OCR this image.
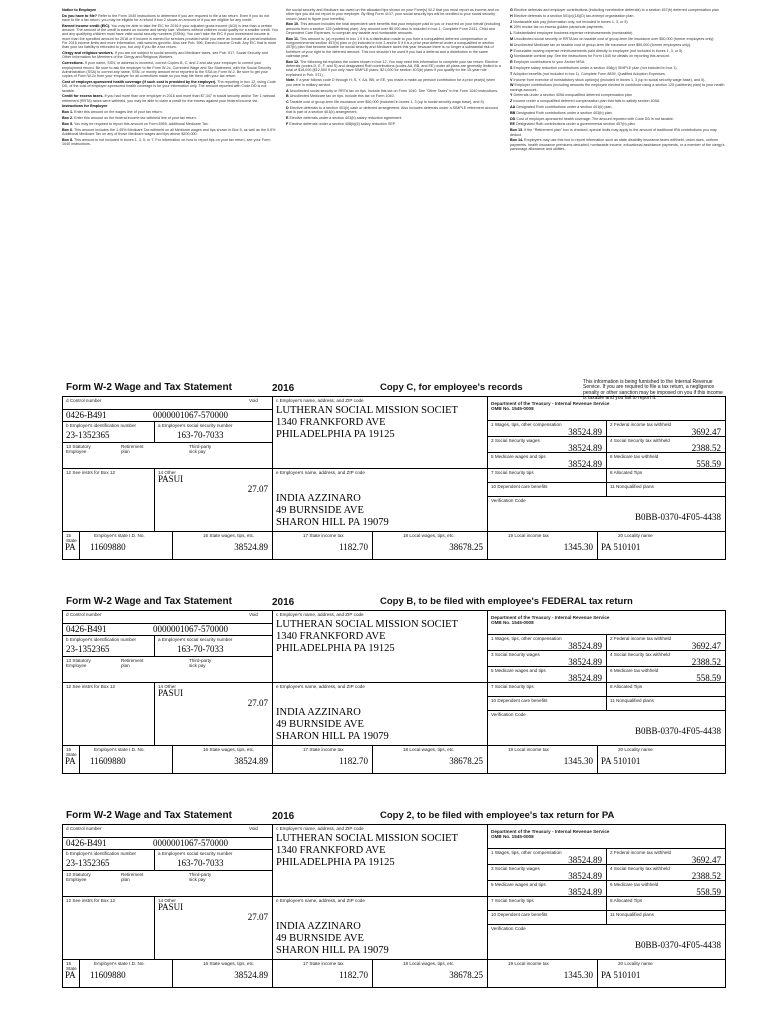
Notice to Employee

Do you have to file? Refer to the Form 1040 instructions to determine if you are required to file a tax return. Even if you do not have to file a tax return, you may be eligible for a refund if box 2 shows an amount or if you are eligible for any credit.

Earned income credit (EIC). You may be able to take the EIC for 2016 if your adjusted gross income (AGI) is less than a certain amount. The amount of the credit is based on income and family size. Workers without children could qualify for a smaller credit. You and any qualifying children must have valid social security numbers (SSNs). You can't take the EIC if your investment income is more than the specified amount for 2016 or if income is earned for services provided while you were an inmate at a penal institution. For 2016 income limits and more information, visit www.irs.gov/eitc. Also see Pub. 596, Earned Income Credit. Any EIC that is more than your tax liability is refunded to you, but only if you file a tax return.

Clergy and religious workers. If you are not subject to social security and Medicare taxes, see Pub. 517, Social Security and Other Information for Members of the Clergy and Religious Workers.

Corrections. If your name, SSN, or address is incorrect, correct Copies B, C, and 2 and ask your employer to correct your employment record. Be sure to ask the employer to file Form W-2c, Corrected Wage and Tax Statement, with the Social Security Administration (SSA) to correct any name, SSN, or money amount error reported to the SSA on Form W-2. Be sure to get your copies of Form W-2c from your employer for all corrections made so you may file them with your tax return.

Cost of employer-sponsored health coverage (if such cost is provided by the employer). The reporting in box 12, using Code DD, of the cost of employer-sponsored health coverage is for your information only. The amount reported with Code DD is not taxable.

Credit for excess taxes. If you had more than one employer in 2016 and more than $7,347 in social security and/or Tier 1 railroad retirement (RRTA) taxes were withheld, you may be able to claim a credit for the excess against your federal income tax.

Instructions for Employee

Box 1. Enter this amount on the wages line of your tax return.

Box 2. Enter this amount on the federal income tax withheld line of your tax return.

Box 5. You may be required to report this amount on Form 8959, Additional Medicare Tax.

Box 6. This amount includes the 1.45% Medicare Tax withheld on all Medicare wages and tips shown in Box 5, as well as the 0.9% Additional Medicare Tax on any of those Medicare wages and tips above $200,000.

Box 8. This amount is not included in boxes 1, 3, 5, or 7. For information on how to report tips on your tax return, see your Form 1040 instructions.

the social security and Medicare tax owed on the allocated tips shown on your Form(s) W-2 that you must report as income and on other tips you did not report to your employer. By filing Form 4137, your social security tips will be credited to your social security record (used to figure your benefits).

Box 10. This amount includes the total dependent care benefits that your employer paid to you or incurred on your behalf (including amounts from a section 125 (cafeteria) plan). Any amount over $5,000 also is included in box 1. Complete Form 2441, Child and Dependent Care Expenses, to compute any taxable and nontaxable amounts.

Box 11. This amount is: (a) reported in box 1 if it is a distribution made to you from a nonqualified deferred compensation or nongovernmental section 457(b) plan or (b) included in box 3 and/or 5 if it is a prior year deferral under a nonqualified or section 457(b) plan that became taxable for social security and Medicare taxes this year because there is no longer a substantial risk of forfeiture of your right to the deferred amount. This box shouldn't be used if you had a deferral and a distribution in the same calendar year.

Box 12. The following list explains the codes shown in box 12. You may need this information to complete your tax return. Elective deferrals (codes D, E, F, and S) and designated Roth contributions (codes AA, BB, and EE) under all plans are generally limited to a total of $18,000 ($12,500 if you only have SIMPLE plans; $21,000 for section 403(b) plans if you qualify for the 15-year rule explained in Pub. 571).

Note. If a year follows code D through H, S, Y, AA, BB, or EE, you made a make-up pension contribution for a prior year(s) when you were in military service.

A Uncollected social security or RRTA tax on tips. Include this tax on Form 1040. See "Other Taxes" in the Form 1040 instructions.

B Uncollected Medicare tax on tips. Include this tax on Form 1040.

C Taxable cost of group-term life insurance over $50,000 (included in boxes 1, 3 (up to social security wage base), and 5)

D Elective deferrals to a section 401(k) cash or deferred arrangement. Also includes deferrals under a SIMPLE retirement account that is part of a section 401(k) arrangement.

E Elective deferrals under a section 403(b) salary reduction agreement

F Elective deferrals under a section 408(k)(6) salary reduction SEP

G Elective deferrals and employer contributions (including nonelective deferrals) to a section 457(b) deferred compensation plan

H Elective deferrals to a section 501(c)(18)(D) tax-exempt organization plan.

J Nontaxable sick pay (information only, not included in boxes 1, 3, or 5)

K 20% excise tax on excess golden parachute payments.

L Substantiated employee business expense reimbursements (nontaxable)

M Uncollected social security or RRTA tax on taxable cost of group-term life insurance over $50,000 (former employees only).

N Uncollected Medicare tax on taxable cost of group-term life insurance over $50,000 (former employees only).

P Excludable moving expense reimbursements paid directly to employee (not included in boxes 1, 3, or 5)

Q Nontaxable combat pay. See the instructions for Form 1040 for details on reporting this amount.

R Employer contributions to your Archer MSA.

S Employee salary reduction contributions under a section 408(p) SIMPLE plan (not included in box 1)

T Adoption benefits (not included in box 1). Complete Form 8839, Qualified Adoption Expenses.

V Income from exercise of nonstatutory stock option(s) (included in boxes 1, 3 (up to social security wage base), and 5).

W Employer contributions (including amounts the employee elected to contribute using a section 125 (cafeteria) plan) to your health savings account.

Y Deferrals under a section 409A nonqualified deferred compensation plan

Z Income under a nonqualified deferred compensation plan that fails to satisfy section 409A.

AA Designated Roth contributions under a section 401(k) plan.

BB Designated Roth contributions under a section 403(b) plan.

DD Cost of employer-sponsored health coverage. The amount reported with Code DD is not taxable.

EE Designated Roth contributions under a governmental section 457(b) plan.

Box 13. If the "Retirement plan" box is checked, special limits may apply to the amount of traditional IRA contributions you may deduct.

Box 14. Employers may use this box to report information such as state disability insurance taxes withheld, union dues, uniform payments, health insurance premiums deducted, nontaxable income, educational assistance payments, or a member of the clergy's parsonage allowance and utilities.

Form W-2 Wage and Tax Statement	2016	Copy C, for employee's records	This information is being furnished to the Internal Revenue Service. If you are required to file a tax return, a negligence penalty or other sanction may be imposed on you if this income is taxable and you fail to report it.
d Control number	Void
0426-B491	0000001067-570000
b Employer's identification number
23-1352365
a Employee's social security number
163-70-7033
13 Statutory Employee
Retirement plan
Third-party sick pay
12 See instrs for Box 12	14 Other
PASUI
27.07
c Employer's name, address, and ZIP code
LUTHERAN SOCIAL MISSION SOCIET
1340 FRANKFORD AVE
PHILADELPHIA PA 19125
e Employee's name, address, and ZIP code
INDIA AZZINARO
49 BURNSIDE AVE
SHARON HILL PA 19079
Department of the Treasury - Internal Revenue Service
OMB No. 1545-0008
1 Wages, tips, other compensation
38524.89
2 Federal income tax withheld
3692.47
3 Social Security wages
38524.89
4 Social Security tax withheld
2388.52
5 Medicare wages and tips
38524.89
6 Medicare tax withheld
558.59
7 Social Security tips	8 Allocated Tips
10 Dependent care benefits	11 Nonqualified plans
Verification Code
B0BB-0370-4F05-4438
15 State
PA
Employer's state I.D. No.
11609880
16 State wages, tips, etc.
38524.89
17 State income tax
1182.70
18 Local wages, tips, etc.
38678.25
19 Local income tax
1345.30
20 Locality name
PA 510101
Form W-2 Wage and Tax Statement	2016	Copy B, to be filed with employee's FEDERAL tax return
d Control number	Void
0426-B491	0000001067-570000
b Employer's identification number
23-1352365
a Employee's social security number
163-70-7033
13 Statutory Employee
Retirement plan
Third-party sick pay
12 See instrs for Box 12	14 Other
PASUI
27.07
c Employer's name, address, and ZIP code
LUTHERAN SOCIAL MISSION SOCIET
1340 FRANKFORD AVE
PHILADELPHIA PA 19125
e Employee's name, address, and ZIP code
INDIA AZZINARO
49 BURNSIDE AVE
SHARON HILL PA 19079
Department of the Treasury - Internal Revenue Service
OMB No. 1545-0008
1 Wages, tips, other compensation
38524.89
2 Federal income tax withheld
3692.47
3 Social Security wages
38524.89
4 Social Security tax withheld
2388.52
5 Medicare wages and tips
38524.89
6 Medicare tax withheld
558.59
7 Social Security tips	8 Allocated Tips
10 Dependent care benefits	11 Nonqualified plans
Verification Code
B0BB-0370-4F05-4438
15 State
PA
Employer's state I.D. No.
11609880
16 State wages, tips, etc.
38524.89
17 State income tax
1182.70
18 Local wages, tips, etc.
38678.25
19 Local income tax
1345.30
20 Locality name
PA 510101
Form W-2 Wage and Tax Statement	2016	Copy 2, to be filed with employee's tax return for PA
d Control number	Void
0426-B491	0000001067-570000
b Employer's identification number
23-1352365
a Employee's social security number
163-70-7033
13 Statutory Employee
Retirement plan
Third-party sick pay
12 See instrs for Box 12	14 Other
PASUI
27.07
c Employer's name, address, and ZIP code
LUTHERAN SOCIAL MISSION SOCIET
1340 FRANKFORD AVE
PHILADELPHIA PA 19125
e Employee's name, address, and ZIP code
INDIA AZZINARO
49 BURNSIDE AVE
SHARON HILL PA 19079
Department of the Treasury - Internal Revenue Service
OMB No. 1545-0008
1 Wages, tips, other compensation
38524.89
2 Federal income tax withheld
3692.47
3 Social Security wages
38524.89
4 Social Security tax withheld
2388.52
5 Medicare wages and tips
38524.89
6 Medicare tax withheld
558.59
7 Social Security tips	8 Allocated Tips
10 Dependent care benefits	11 Nonqualified plans
Verification Code
B0BB-0370-4F05-4438
15 State
PA
Employer's state I.D. No.
11609880
16 State wages, tips, etc.
38524.89
17 State income tax
1182.70
18 Local wages, tips, etc.
38678.25
19 Local income tax
1345.30
20 Locality name
PA 510101
